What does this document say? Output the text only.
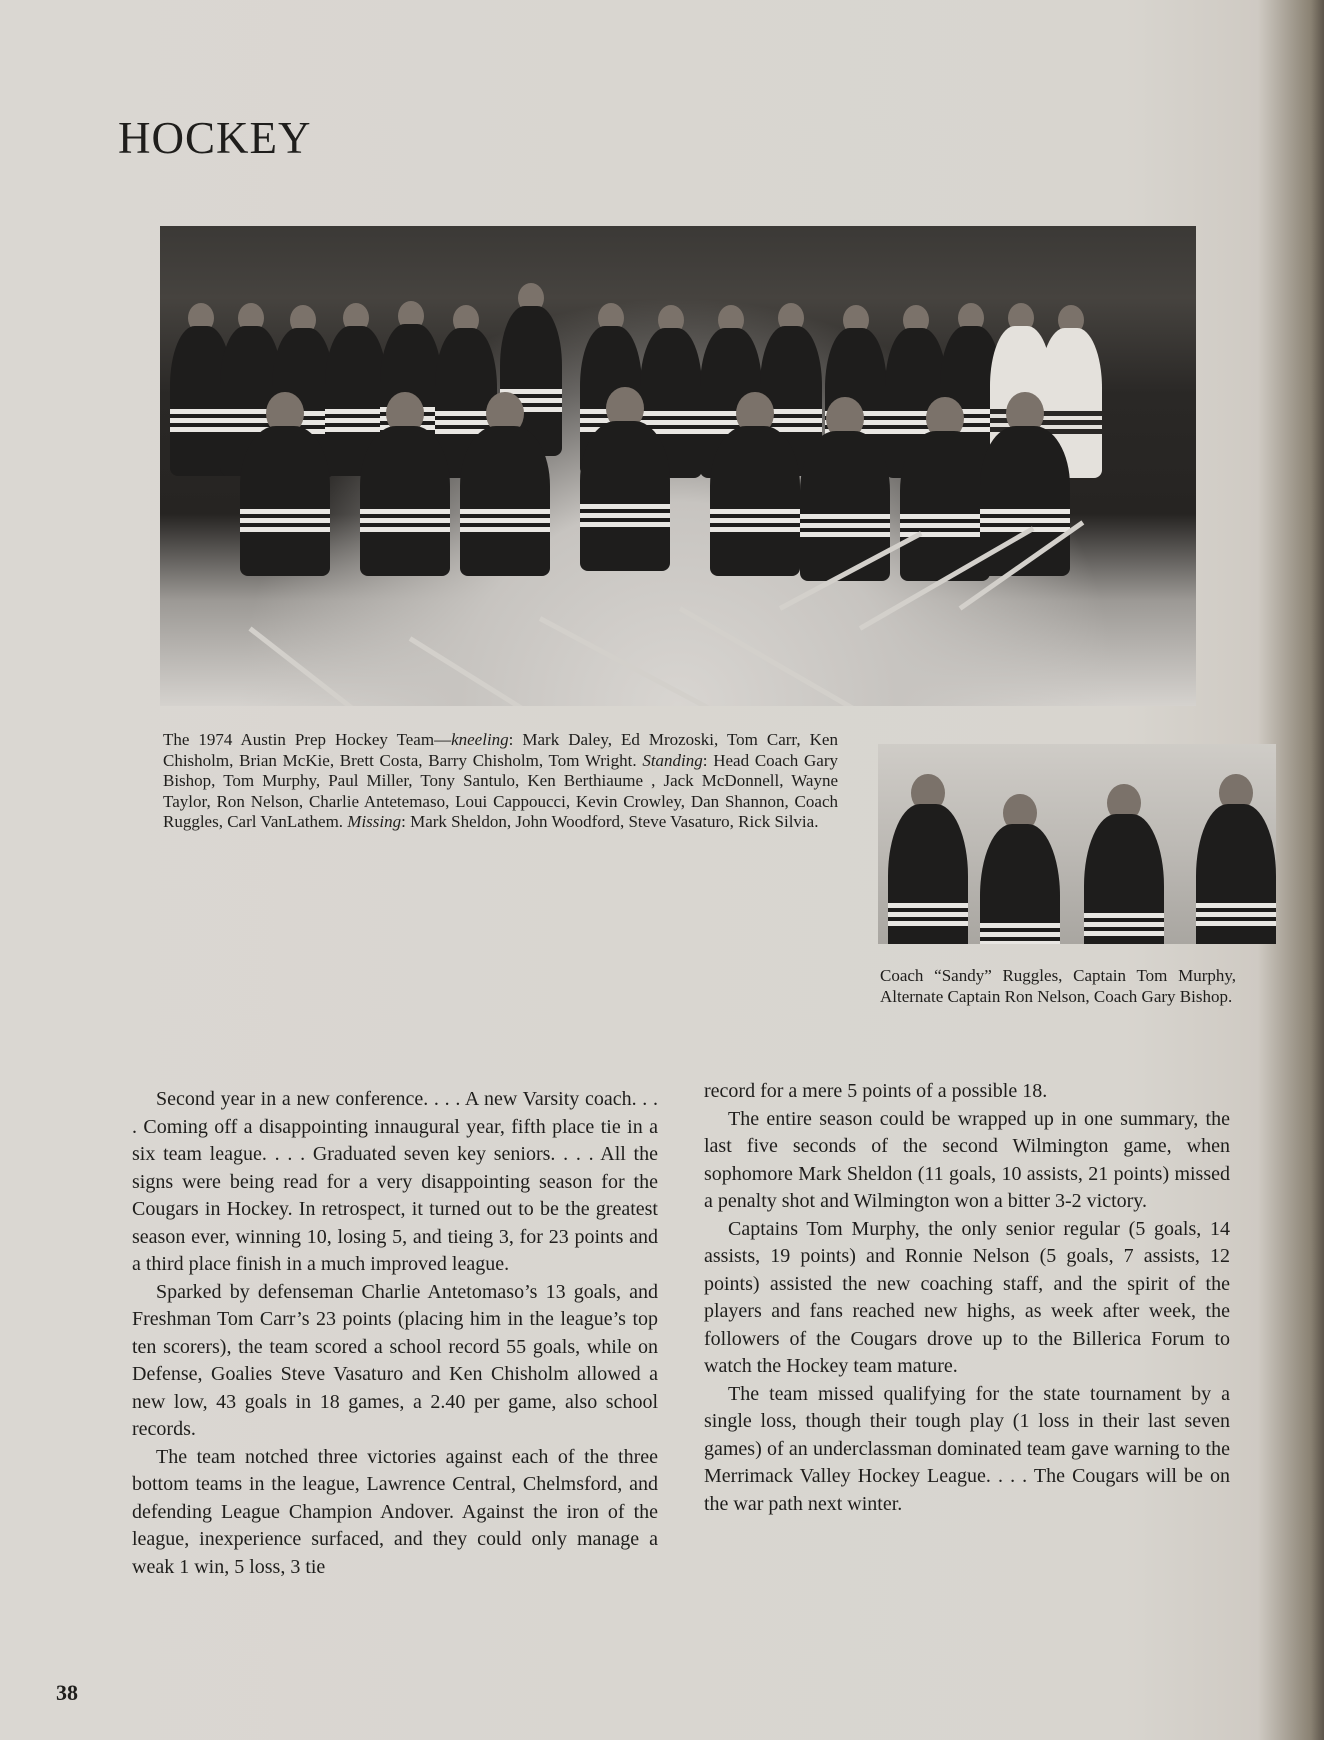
HOCKEY
The 1974 Austin Prep Hockey Team—kneeling: Mark Daley, Ed Mrozoski, Tom Carr, Ken Chisholm, Brian McKie, Brett Costa, Barry Chisholm, Tom Wright. Standing: Head Coach Gary Bishop, Tom Murphy, Paul Miller, Tony Santulo, Ken Berthiaume , Jack McDonnell, Wayne Taylor, Ron Nelson, Charlie Antetemaso, Loui Cappoucci, Kevin Crowley, Dan Shannon, Coach Ruggles, Carl VanLathem. Missing: Mark Sheldon, John Woodford, Steve Vasaturo, Rick Silvia.
Coach “Sandy” Ruggles, Captain Tom Murphy, Alternate Captain Ron Nelson, Coach Gary Bishop.

Second year in a new conference. . . . A new Varsity coach. . . . Coming off a disappointing innaugural year, fifth place tie in a six team league. . . . Graduated seven key seniors. . . . All the signs were being read for a very disappointing season for the Cougars in Hockey. In retrospect, it turned out to be the greatest season ever, winning 10, losing 5, and tieing 3, for 23 points and a third place finish in a much improved league.

Sparked by defenseman Charlie Antetomaso’s 13 goals, and Freshman Tom Carr’s 23 points (placing him in the league’s top ten scorers), the team scored a school record 55 goals, while on Defense, Goalies Steve Vasaturo and Ken Chisholm allowed a new low, 43 goals in 18 games, a 2.40 per game, also school records.

The team notched three victories against each of the three bottom teams in the league, Lawrence Central, Chelmsford, and defending League Champion Andover. Against the iron of the league, inexperience surfaced, and they could only manage a weak 1 win, 5 loss, 3 tie

record for a mere 5 points of a possible 18.

The entire season could be wrapped up in one summary, the last five seconds of the second Wilmington game, when sophomore Mark Sheldon (11 goals, 10 assists, 21 points) missed a penalty shot and Wilmington won a bitter 3-2 victory.

Captains Tom Murphy, the only senior regular (5 goals, 14 assists, 19 points) and Ronnie Nelson (5 goals, 7 assists, 12 points) assisted the new coaching staff, and the spirit of the players and fans reached new highs, as week after week, the followers of the Cougars drove up to the Billerica Forum to watch the Hockey team mature.

The team missed qualifying for the state tournament by a single loss, though their tough play (1 loss in their last seven games) of an underclassman dominated team gave warning to the Merrimack Valley Hockey League. . . . The Cougars will be on the war path next winter.

38
